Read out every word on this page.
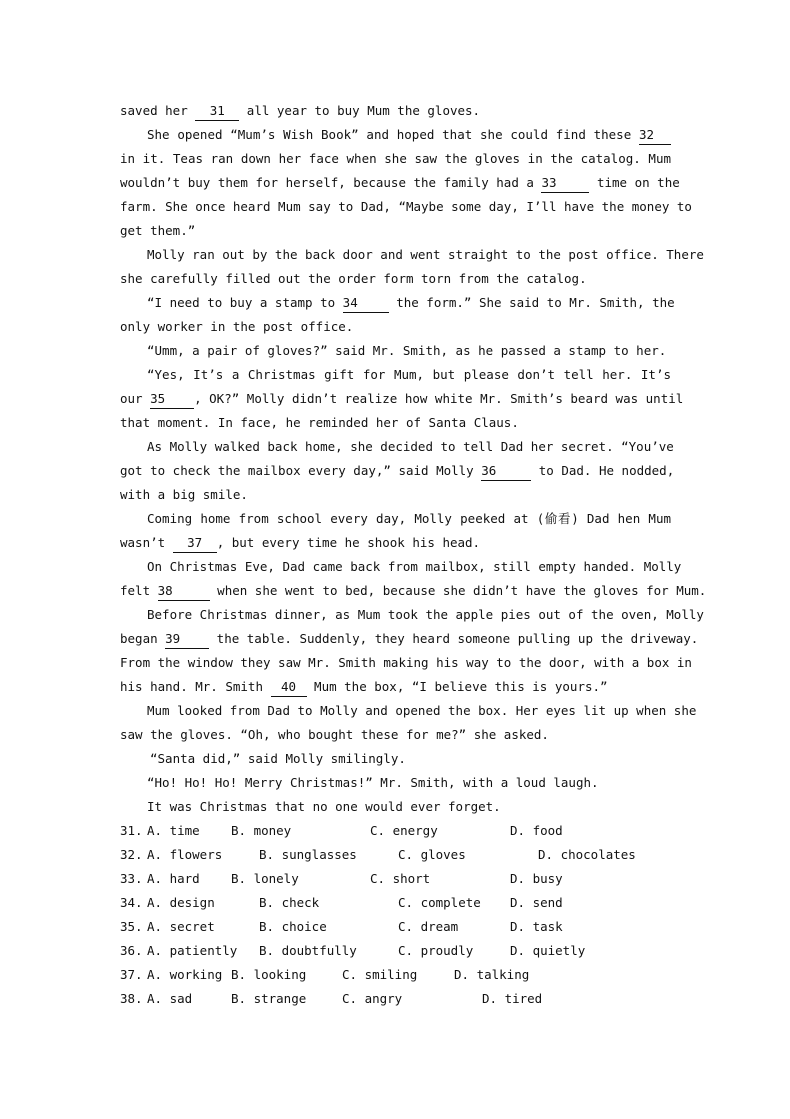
saved her 31 all year to buy Mum the gloves.
She opened “Mum’s Wish Book” and hoped that she could find these 32
in it. Teas ran down her face when she saw the gloves in the catalog. Mum
wouldn’t buy them for herself, because the family had a 33	time on the
farm. She once heard Mum say to Dad, “Maybe some day, I’ll have the money to
get them.”
Molly ran out by the back door and went straight to the post office. There
she carefully filled out the order form torn from the catalog.
“I need to buy a stamp to 34 the form.” She said to Mr. Smith, the
only worker in the post office.
“Umm, a pair of gloves?” said Mr. Smith, as he passed a stamp to her.
“Yes, It’s a Christmas gift for Mum, but please don’t tell her. It’s
our 35 , OK?” Molly didn’t realize how white Mr. Smith’s beard was until
that moment. In face, he reminded her of Santa Claus.
As Molly walked back home, she decided to tell Dad her secret. “You’ve
got to check the mailbox every day,” said Molly 36	to Dad. He nodded,
with a big smile.
Coming home from school every day, Molly peeked at (偷看) Dad hen Mum
wasn’t 37 , but every time he shook his head.
On Christmas Eve, Dad came back from mailbox, still empty handed. Molly
felt 38	when she went to bed, because she didn’t have the gloves for Mum.
Before Christmas dinner, as Mum took the apple pies out of the oven, Molly
began 39 the table. Suddenly, they heard someone pulling up the driveway.
From the window they saw Mr. Smith making his way to the door, with a box in
his hand. Mr. Smith 40 Mum the box, “I believe this is yours.”
Mum looked from Dad to Molly and opened the box. Her eyes lit up when she
saw the gloves. “Oh, who bought these for me?” she asked.
“Santa did,” said Molly smilingly.
“Ho! Ho! Ho! Merry Christmas!” Mr. Smith, with a loud laugh.
It was Christmas that no one would ever forget.
31. A. time	B. money	C. energy	D. food
32. A. flowers	B. sunglasses	C. gloves	D. chocolates
33. A. hard	B. lonely	C. short	D. busy
34. A. design	B. check	C. complete D. send
35. A. secret	B. choice	C. dream	D. task
36. A. patiently B. doubtfully	C. proudly	D. quietly
37. A. working B. looking	C. smiling	D. talking
38. A. sad	B. strange	C. angry	D. tired
